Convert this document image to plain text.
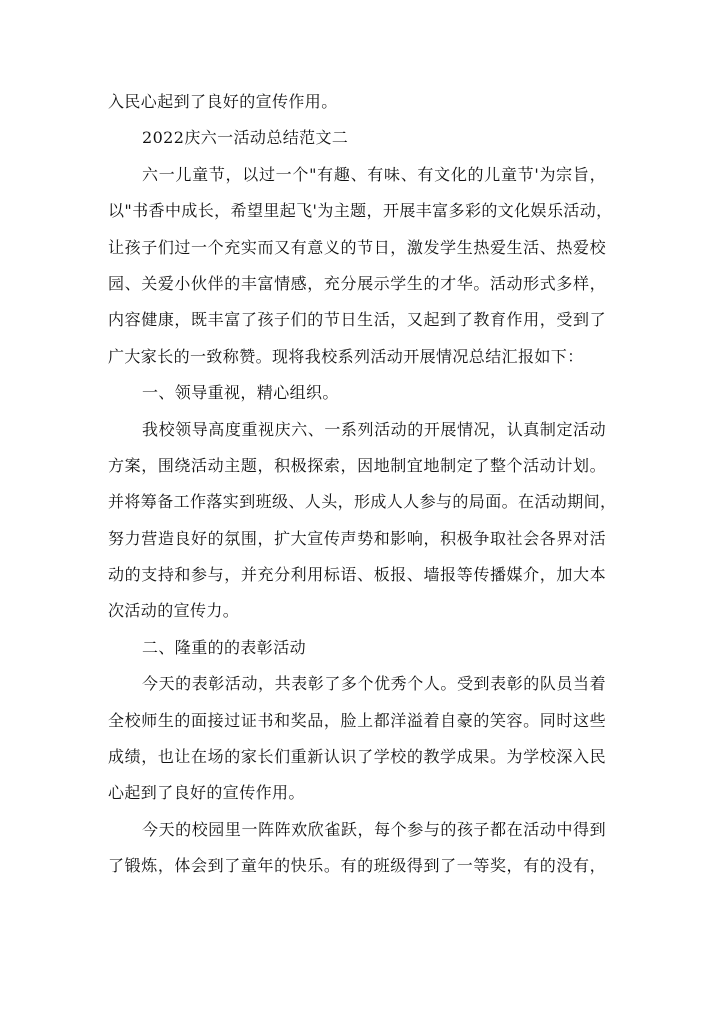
入民心起到了良好的宣传作用。
2022庆六一活动总结范文二
六一儿童节，以过一个"有趣、有味、有文化的儿童节'为宗旨，
以"书香中成长，希望里起飞'为主题，开展丰富多彩的文化娱乐活动，
让孩子们过一个充实而又有意义的节日，激发学生热爱生活、热爱校
园、关爱小伙伴的丰富情感，充分展示学生的才华。活动形式多样，
内容健康，既丰富了孩子们的节日生活，又起到了教育作用，受到了
广大家长的一致称赞。现将我校系列活动开展情况总结汇报如下：
一、领导重视，精心组织。
我校领导高度重视庆六、一系列活动的开展情况，认真制定活动
方案，围绕活动主题，积极探索，因地制宜地制定了整个活动计划。
并将筹备工作落实到班级、人头，形成人人参与的局面。在活动期间，
努力营造良好的氛围，扩大宣传声势和影响，积极争取社会各界对活
动的支持和参与，并充分利用标语、板报、墙报等传播媒介，加大本
次活动的宣传力。
二、隆重的的表彰活动
今天的表彰活动，共表彰了多个优秀个人。受到表彰的队员当着
全校师生的面接过证书和奖品，脸上都洋溢着自豪的笑容。同时这些
成绩，也让在场的家长们重新认识了学校的教学成果。为学校深入民
心起到了良好的宣传作用。
今天的校园里一阵阵欢欣雀跃，每个参与的孩子都在活动中得到
了锻炼，体会到了童年的快乐。有的班级得到了一等奖，有的没有，
